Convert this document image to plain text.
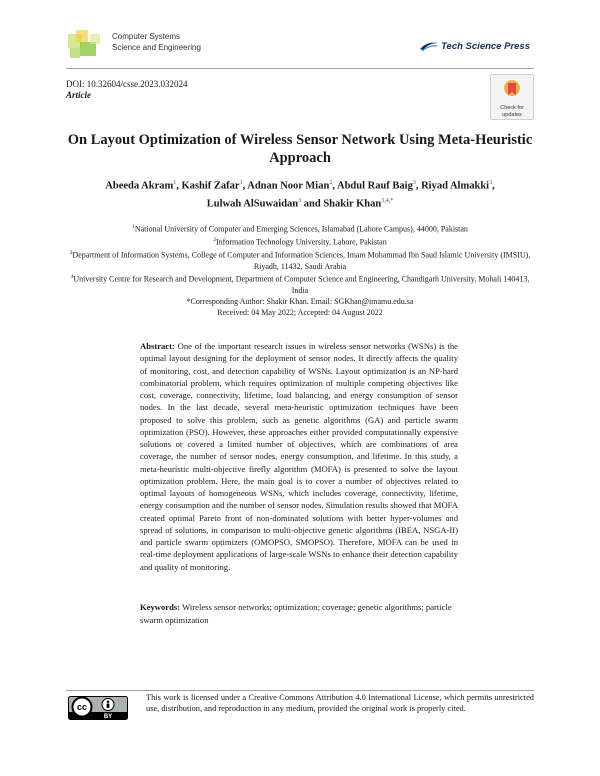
Computer Systems
Science and Engineering	Tech Science Press
DOI: 10.32604/csse.2023.032024
Article
Check for
updates
On Layout Optimization of Wireless Sensor Network Using Meta-Heuristic Approach
Abeeda Akram$^1$, Kashif Zafar$^1$, Adnan Noor Mian$^2$, Abdul Rauf Baig$^3$, Riyad Almakki$^3$,
Lulwah AlSuwaidan$^3$ and Shakir Khan$^{3,4,*}$
$^1$National University of Computer and Emerging Sciences, Islamabad (Lahore Campus), 44000, Pakistan
$^2$Information Technology University, Lahore, Pakistan
$^3$Department of Information Systems, College of Computer and Information Sciences, Imam Mohammad Ibn Saud Islamic University (IMSIU), Riyadh, 11432, Saudi Arabia
$^4$University Centre for Research and Development, Department of Computer Science and Engineering, Chandigarh University, Mohali 140413, India
*Corresponding Author: Shakir Khan. Email: SGKhan@imamu.edu.sa
Received: 04 May 2022; Accepted: 04 August 2022
Abstract: One of the important research issues in wireless sensor networks (WSNs) is the optimal layout designing for the deployment of sensor nodes. It directly affects the quality of monitoring, cost, and detection capability of WSNs. Layout optimization is an NP-hard combinatorial problem, which requires optimization of multiple competing objectives like cost, coverage, connectivity, lifetime, load balancing, and energy consumption of sensor nodes. In the last decade, several meta-heuristic optimization techniques have been proposed to solve this problem, such as genetic algorithms (GA) and particle swarm optimization (PSO). However, these approaches either provided computationally expensive solutions or covered a limited number of objectives, which are combinations of area coverage, the number of sensor nodes, energy consumption, and lifetime. In this study, a meta-heuristic multi-objective firefly algorithm (MOFA) is presented to solve the layout optimization problem. Here, the main goal is to cover a number of objectives related to optimal layouts of homogeneous WSNs, which includes coverage, connectivity, lifetime, energy consumption and the number of sensor nodes. Simulation results showed that MOFA created optimal Pareto front of non-dominated solutions with better hyper-volumes and spread of solutions, in comparison to multi-objective genetic algorithms (IBEA, NSGA-II) and particle swarm optimizers (OMOPSO, SMOPSO). Therefore, MOFA can be used in real-time deployment applications of large-scale WSNs to enhance their detection capability and quality of monitoring.
Keywords: Wireless sensor networks; optimization; coverage; genetic algorithms; particle swarm optimization
cc
BY
This work is licensed under a Creative Commons Attribution 4.0 International License, which permits unrestricted use, distribution, and reproduction in any medium, provided the original work is properly cited.
